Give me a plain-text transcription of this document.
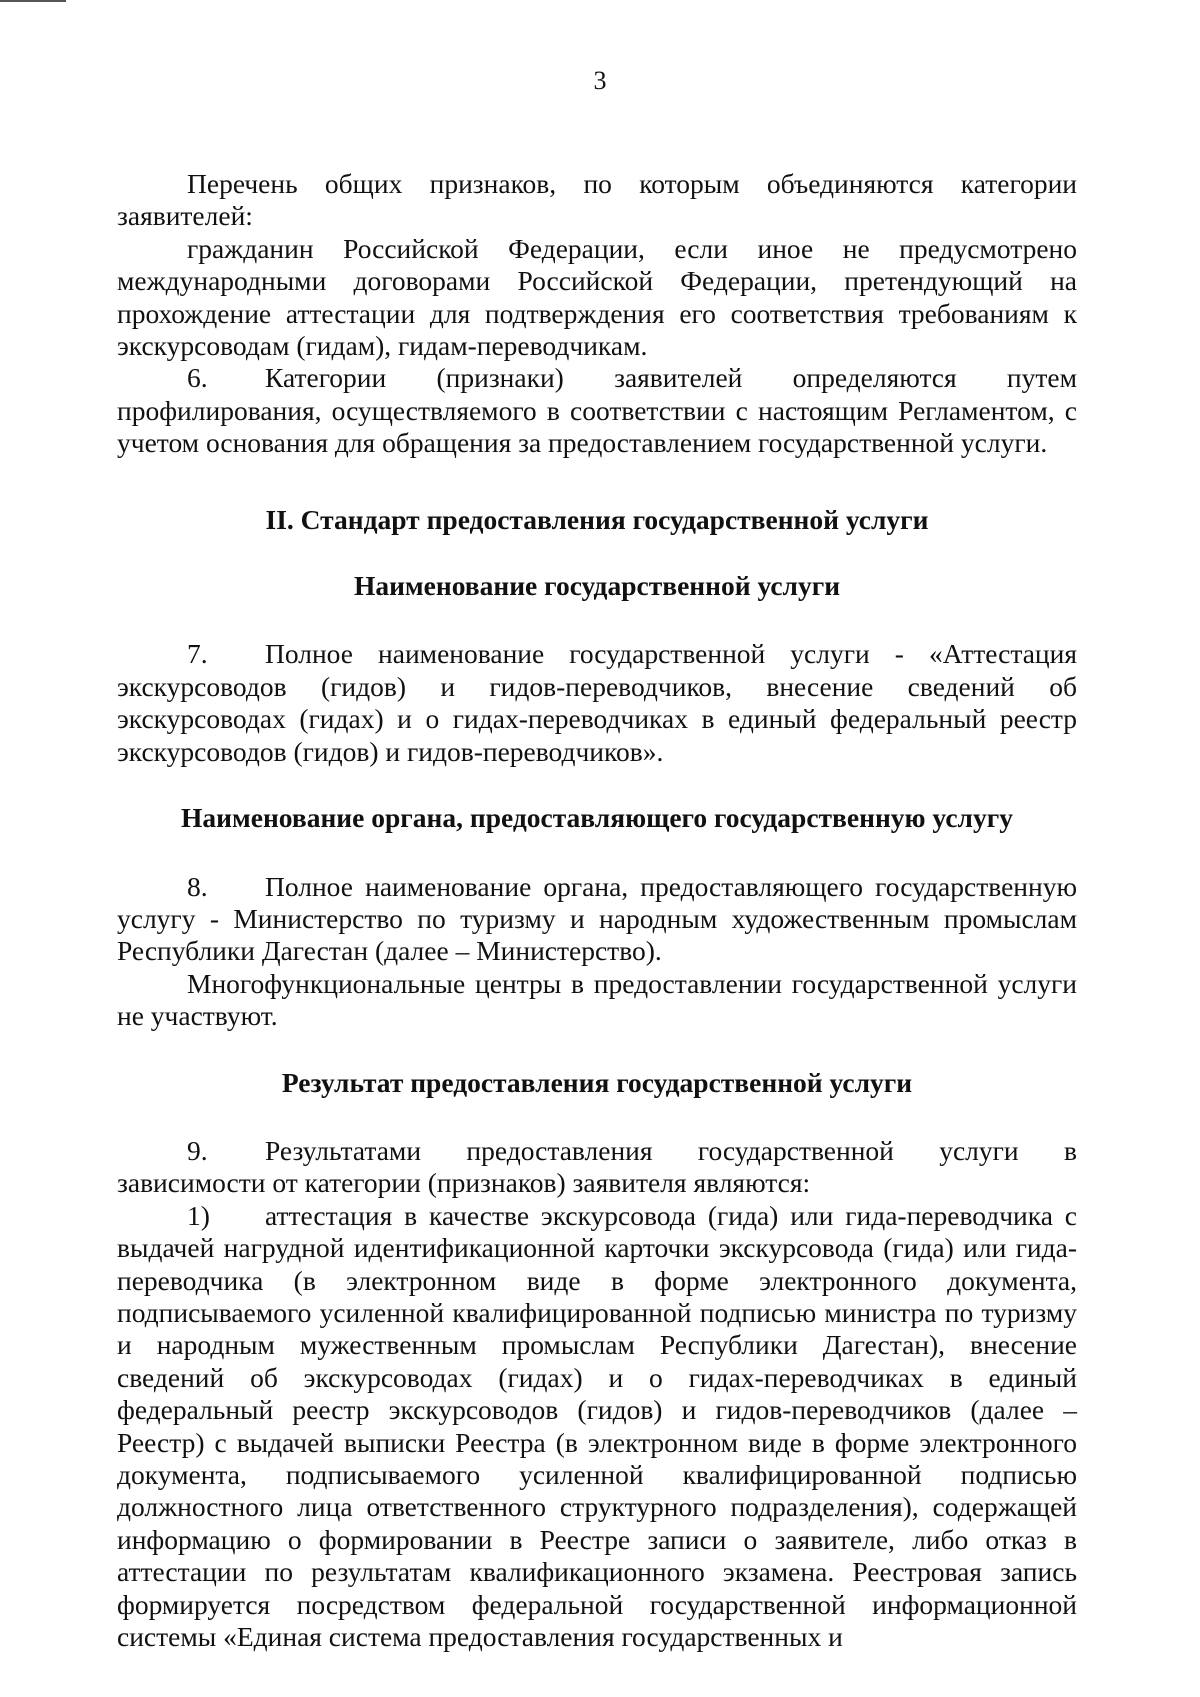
3

Перечень общих признаков, по которым объединяются категории заявителей:

гражданин Российской Федерации, если иное не предусмотрено международными договорами Российской Федерации, претендующий на прохождение аттестации для подтверждения его соответствия требованиям к экскурсоводам (гидам), гидам-переводчикам.

6. Категории (признаки) заявителей определяются путем профилирования, осуществляемого в соответствии с настоящим Регламентом, с учетом основания для обращения за предоставлением государственной услуги.

II. Стандарт предоставления государственной услуги

Наименование государственной услуги

7. Полное наименование государственной услуги - «Аттестация экскурсоводов (гидов) и гидов-переводчиков, внесение сведений об экскурсоводах (гидах) и о гидах-переводчиках в единый федеральный реестр экскурсоводов (гидов) и гидов-переводчиков».

Наименование органа, предоставляющего государственную услугу

8. Полное наименование органа, предоставляющего государственную услугу - Министерство по туризму и народным художественным промыслам Республики Дагестан (далее – Министерство).

Многофункциональные центры в предоставлении государственной услуги не участвуют.

Результат предоставления государственной услуги

9. Результатами предоставления государственной услуги в зависимости от категории (признаков) заявителя являются:

1) аттестация в качестве экскурсовода (гида) или гида-переводчика с выдачей нагрудной идентификационной карточки экскурсовода (гида) или гида-переводчика (в электронном виде в форме электронного документа, подписываемого усиленной квалифицированной подписью министра по туризму и народным мужественным промыслам Республики Дагестан), внесение сведений об экскурсоводах (гидах) и о гидах-переводчиках в единый федеральный реестр экскурсоводов (гидов) и гидов-переводчиков (далее – Реестр) с выдачей выписки Реестра (в электронном виде в форме электронного документа, подписываемого усиленной квалифицированной подписью должностного лица ответственного структурного подразделения), содержащей информацию о формировании в Реестре записи о заявителе, либо отказ в аттестации по результатам квалификационного экзамена. Реестровая запись формируется посредством федеральной государственной информационной системы «Единая система предоставления государственных и
